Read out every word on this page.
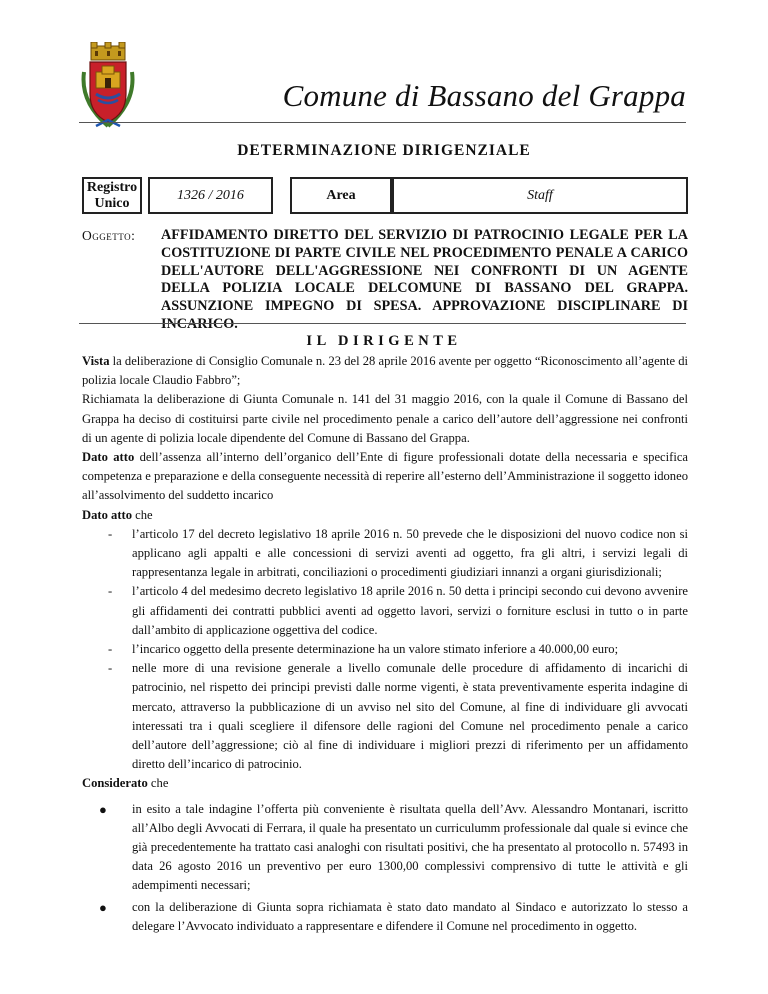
Comune di Bassano del Grappa
DETERMINAZIONE DIRIGENZIALE
Registro Unico
1326 / 2016	Area	Staff
Oggetto: AFFIDAMENTO DIRETTO DEL SERVIZIO DI PATROCINIO LEGALE PER LA COSTITUZIONE DI PARTE CIVILE NEL PROCEDIMENTO PENALE A CARICO DELL'AUTORE DELL'AGGRESSIONE NEI CONFRONTI DI UN AGENTE DELLA POLIZIA LOCALE DELCOMUNE DI BASSANO DEL GRAPPA. ASSUNZIONE IMPEGNO DI SPESA. APPROVAZIONE DISCIPLINARE DI INCARICO.
IL DIRIGENTE

Vista la deliberazione di Consiglio Comunale n. 23 del 28 aprile 2016 avente per oggetto “Riconoscimento all’agente di polizia locale Claudio Fabbro”;

Richiamata la deliberazione di Giunta Comunale n. 141 del 31 maggio 2016, con la quale il Comune di Bassano del Grappa ha deciso di costituirsi parte civile nel procedimento penale a carico dell’autore dell’aggressione nei confronti di un agente di polizia locale dipendente del Comune di Bassano del Grappa.

Dato atto dell’assenza all’interno dell’organico dell’Ente di figure professionali dotate della necessaria e specifica competenza e preparazione e della conseguente necessità di reperire all’esterno dell’Amministrazione il soggetto idoneo all’assolvimento del suddetto incarico

Dato atto che

- l’articolo 17 del decreto legislativo 18 aprile 2016 n. 50 prevede che le disposizioni del nuovo codice non si applicano agli appalti e alle concessioni di servizi aventi ad oggetto, fra gli altri, i servizi legali di rappresentanza legale in arbitrati, conciliazioni o procedimenti giudiziari innanzi a organi giurisdizionali;
- l’articolo 4 del medesimo decreto legislativo 18 aprile 2016 n. 50 detta i principi secondo cui devono avvenire gli affidamenti dei contratti pubblici aventi ad oggetto lavori, servizi o forniture esclusi in tutto o in parte dall’ambito di applicazione oggettiva del codice.
- l’incarico oggetto della presente determinazione ha un valore stimato inferiore a 40.000,00 euro;
- nelle more di una revisione generale a livello comunale delle procedure di affidamento di incarichi di patrocinio, nel rispetto dei principi previsti dalle norme vigenti, è stata preventivamente esperita indagine di mercato, attraverso la pubblicazione di un avviso nel sito del Comune, al fine di individuare gli avvocati interessati tra i quali scegliere il difensore delle ragioni del Comune nel procedimento penale a carico dell’autore dell’aggressione; ciò al fine di individuare i migliori prezzi di riferimento per un affidamento diretto dell’incarico di patrocinio.

Considerato che

● in esito a tale indagine l’offerta più conveniente è risultata quella dell’Avv. Alessandro Montanari, iscritto all’Albo degli Avvocati di Ferrara, il quale ha presentato un curriculumm professionale dal quale si evince che già precedentemente ha trattato casi analoghi con risultati positivi, che ha presentato al protocollo n. 57493 in data 26 agosto 2016 un preventivo per euro 1300,00 complessivi comprensivo di tutte le attività e gli adempimenti necessari;
● con la deliberazione di Giunta sopra richiamata è stato dato mandato al Sindaco e autorizzato lo stesso a delegare l’Avvocato individuato a rappresentare e difendere il Comune nel procedimento in oggetto.
